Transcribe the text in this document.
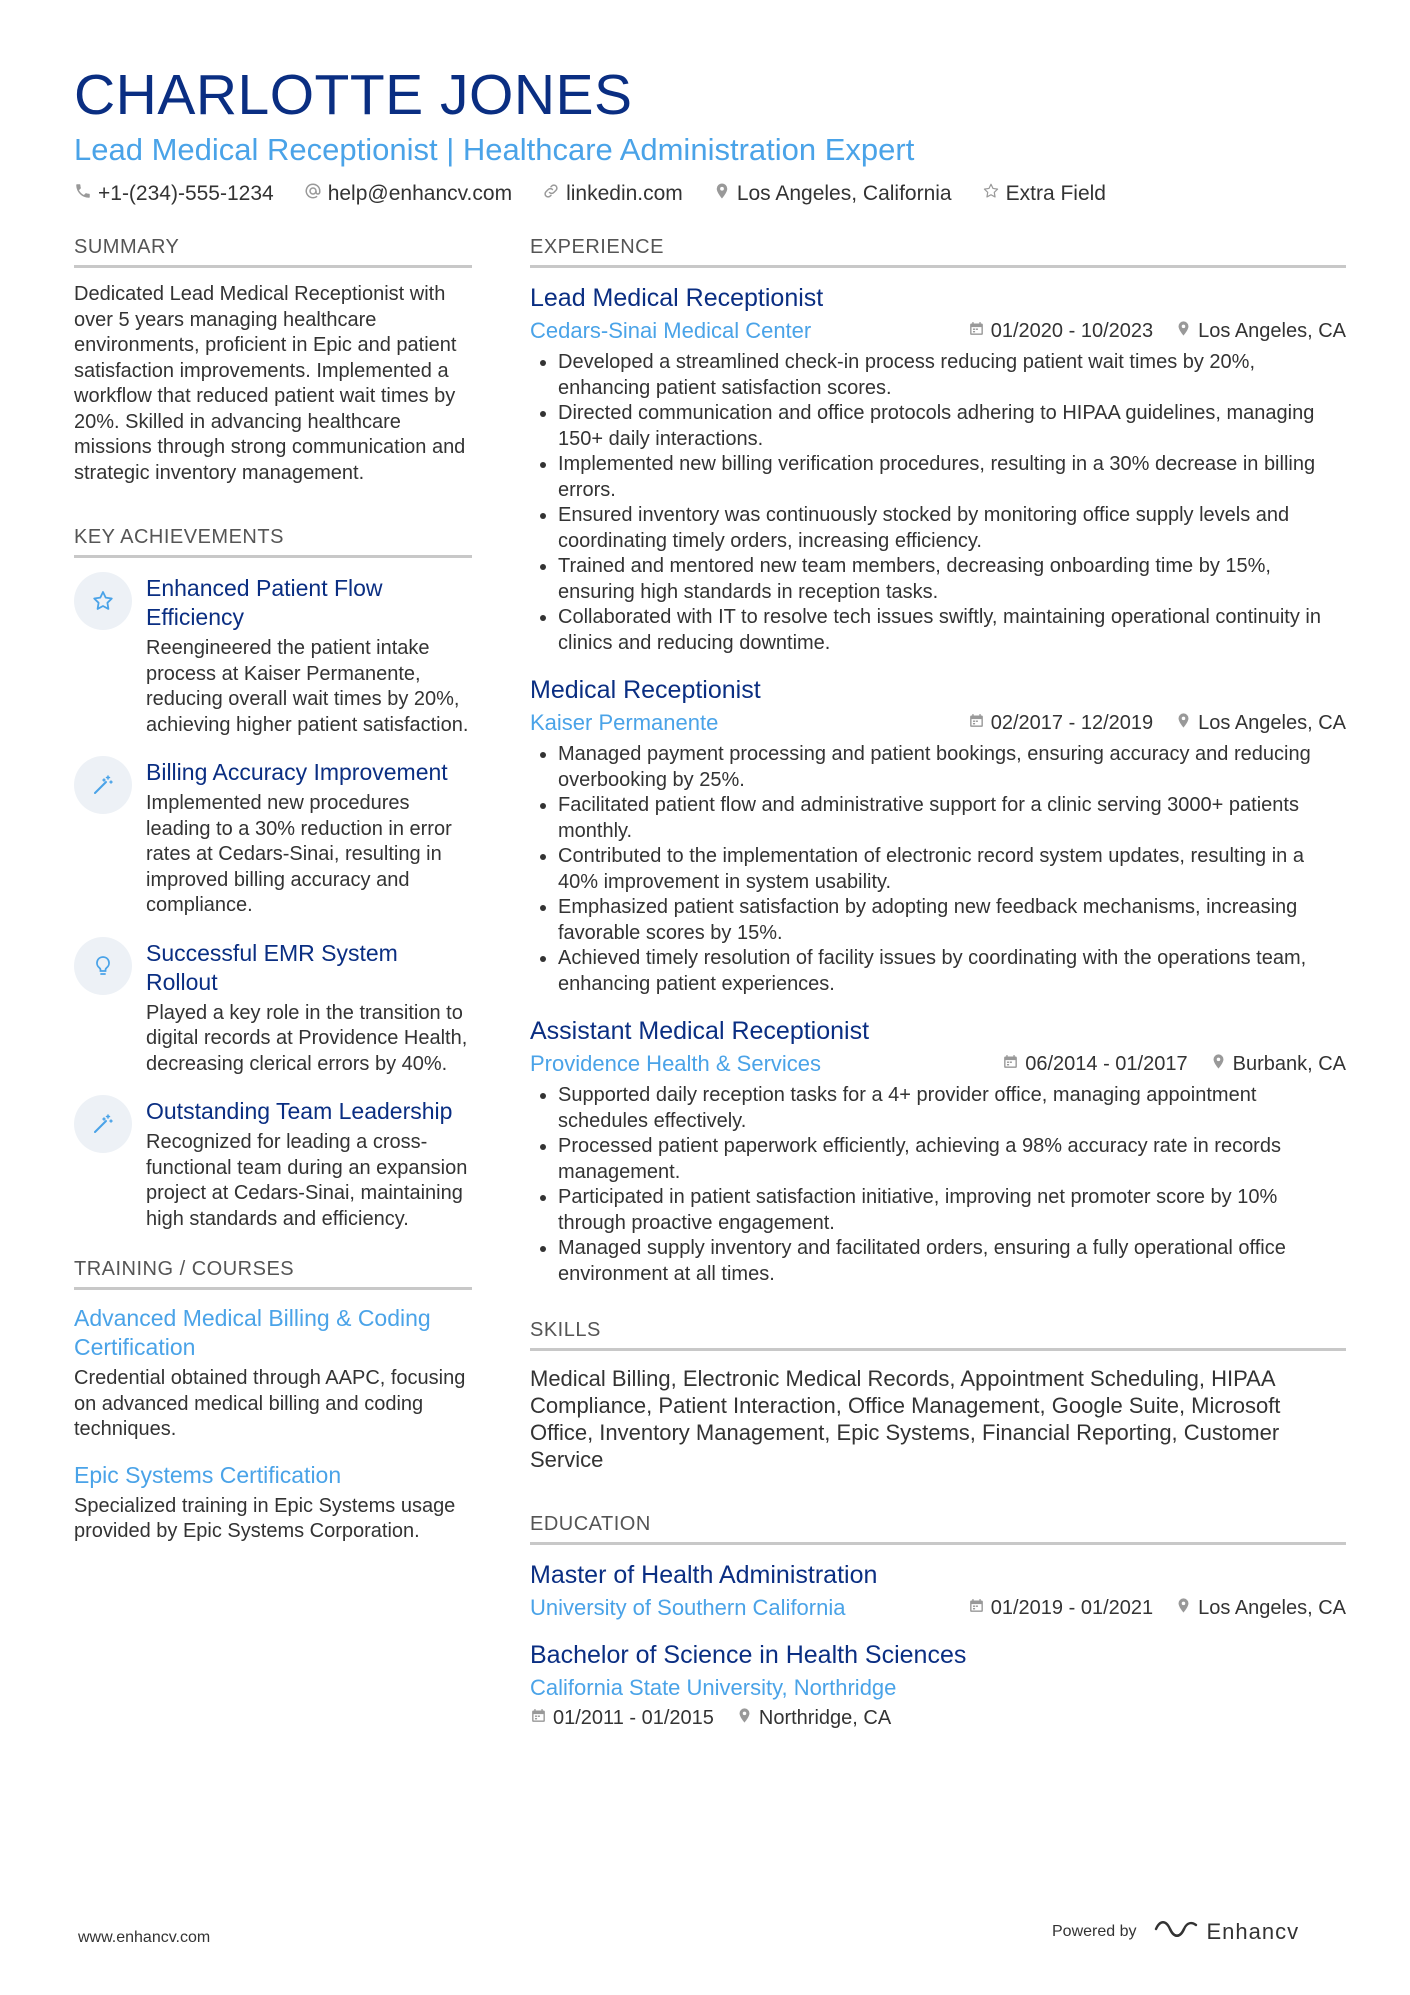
CHARLOTTE JONES
Lead Medical Receptionist | Healthcare Administration Expert
+1-(234)-555-1234	help@enhancv.com	linkedin.com	Los Angeles, California	Extra Field
SUMMARY

Dedicated Lead Medical Receptionist with over 5 years managing healthcare environments, proficient in Epic and patient satisfaction improvements. Implemented a workflow that reduced patient wait times by 20%. Skilled in advancing healthcare missions through strong communication and strategic inventory management.

KEY ACHIEVEMENTS
Enhanced Patient Flow Efficiency
Reengineered the patient intake process at Kaiser Permanente, reducing overall wait times by 20%, achieving higher patient satisfaction.
Billing Accuracy Improvement
Implemented new procedures leading to a 30% reduction in error rates at Cedars-Sinai, resulting in improved billing accuracy and compliance.
Successful EMR System Rollout
Played a key role in the transition to digital records at Providence Health, decreasing clerical errors by 40%.
Outstanding Team Leadership
Recognized for leading a cross-functional team during an expansion project at Cedars-Sinai, maintaining high standards and efficiency.
TRAINING / COURSES
Advanced Medical Billing & Coding Certification
Credential obtained through AAPC, focusing on advanced medical billing and coding techniques.
Epic Systems Certification
Specialized training in Epic Systems usage provided by Epic Systems Corporation.
EXPERIENCE
Lead Medical Receptionist
Cedars-Sinai Medical Center	01/2020 - 10/2023 Los Angeles, CA
• Developed a streamlined check-in process reducing patient wait times by 20%, enhancing patient satisfaction scores.
• Directed communication and office protocols adhering to HIPAA guidelines, managing 150+ daily interactions.
• Implemented new billing verification procedures, resulting in a 30% decrease in billing errors.
• Ensured inventory was continuously stocked by monitoring office supply levels and coordinating timely orders, increasing efficiency.
• Trained and mentored new team members, decreasing onboarding time by 15%, ensuring high standards in reception tasks.
• Collaborated with IT to resolve tech issues swiftly, maintaining operational continuity in clinics and reducing downtime.
Medical Receptionist
Kaiser Permanente	02/2017 - 12/2019 Los Angeles, CA
• Managed payment processing and patient bookings, ensuring accuracy and reducing overbooking by 25%.
• Facilitated patient flow and administrative support for a clinic serving 3000+ patients monthly.
• Contributed to the implementation of electronic record system updates, resulting in a 40% improvement in system usability.
• Emphasized patient satisfaction by adopting new feedback mechanisms, increasing favorable scores by 15%.
• Achieved timely resolution of facility issues by coordinating with the operations team, enhancing patient experiences.
Assistant Medical Receptionist
Providence Health & Services	06/2014 - 01/2017 Burbank, CA
• Supported daily reception tasks for a 4+ provider office, managing appointment schedules effectively.
• Processed patient paperwork efficiently, achieving a 98% accuracy rate in records management.
• Participated in patient satisfaction initiative, improving net promoter score by 10% through proactive engagement.
• Managed supply inventory and facilitated orders, ensuring a fully operational office environment at all times.
SKILLS

Medical Billing, Electronic Medical Records, Appointment Scheduling, HIPAA Compliance, Patient Interaction, Office Management, Google Suite, Microsoft Office, Inventory Management, Epic Systems, Financial Reporting, Customer Service

EDUCATION
Master of Health Administration
University of Southern California	01/2019 - 01/2021 Los Angeles, CA
Bachelor of Science in Health Sciences
California State University, Northridge
01/2011 - 01/2015 Northridge, CA
www.enhancv.com	Powered by	Enhancv
